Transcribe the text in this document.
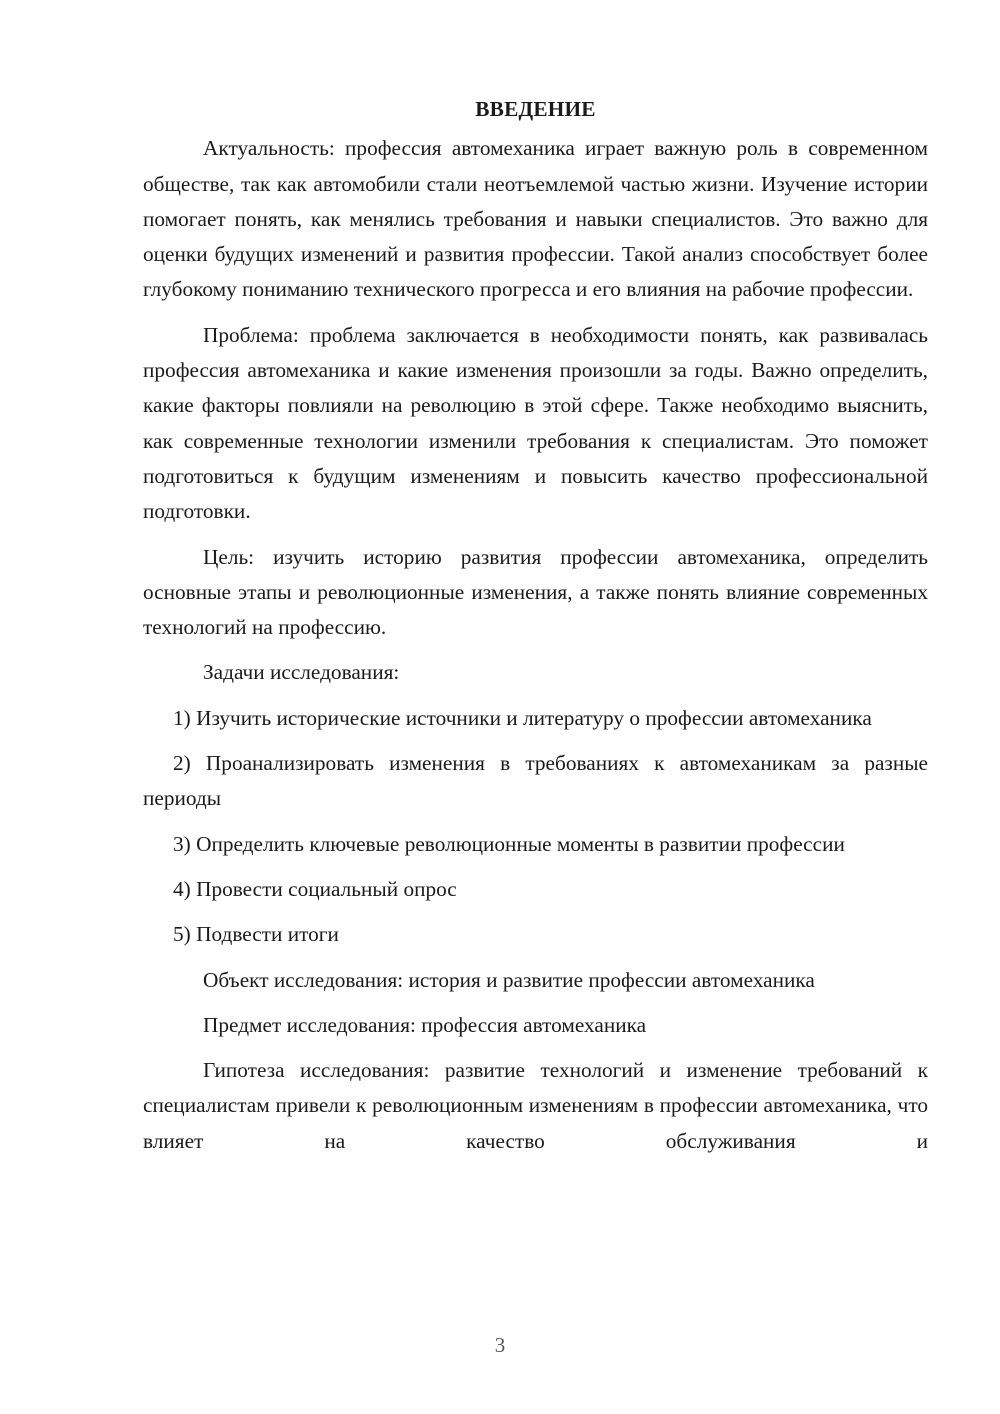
ВВЕДЕНИЕ

Актуальность: профессия автомеханика играет важную роль в современном обществе, так как автомобили стали неотъемлемой частью жизни. Изучение истории помогает понять, как менялись требования и навыки специалистов. Это важно для оценки будущих изменений и развития профессии. Такой анализ способствует более глубокому пониманию технического прогресса и его влияния на рабочие профессии.

Проблема: проблема заключается в необходимости понять, как развивалась профессия автомеханика и какие изменения произошли за годы. Важно определить, какие факторы повлияли на революцию в этой сфере. Также необходимо выяснить, как современные технологии изменили требования к специалистам. Это поможет подготовиться к будущим изменениям и повысить качество профессиональной подготовки.

Цель: изучить историю развития профессии автомеханика, определить основные этапы и революционные изменения, а также понять влияние современных технологий на профессию.

Задачи исследования:

1) Изучить исторические источники и литературу о профессии автомеханика

2) Проанализировать изменения в требованиях к автомеханикам за разные периоды

3) Определить ключевые революционные моменты в развитии профессии

4) Провести социальный опрос

5) Подвести итоги

Объект исследования: история и развитие профессии автомеханика

Предмет исследования: профессия автомеханика

Гипотеза исследования: развитие технологий и изменение требований к специалистам привели к революционным изменениям в профессии автомеханика, что влияет на качество обслуживания и

3
